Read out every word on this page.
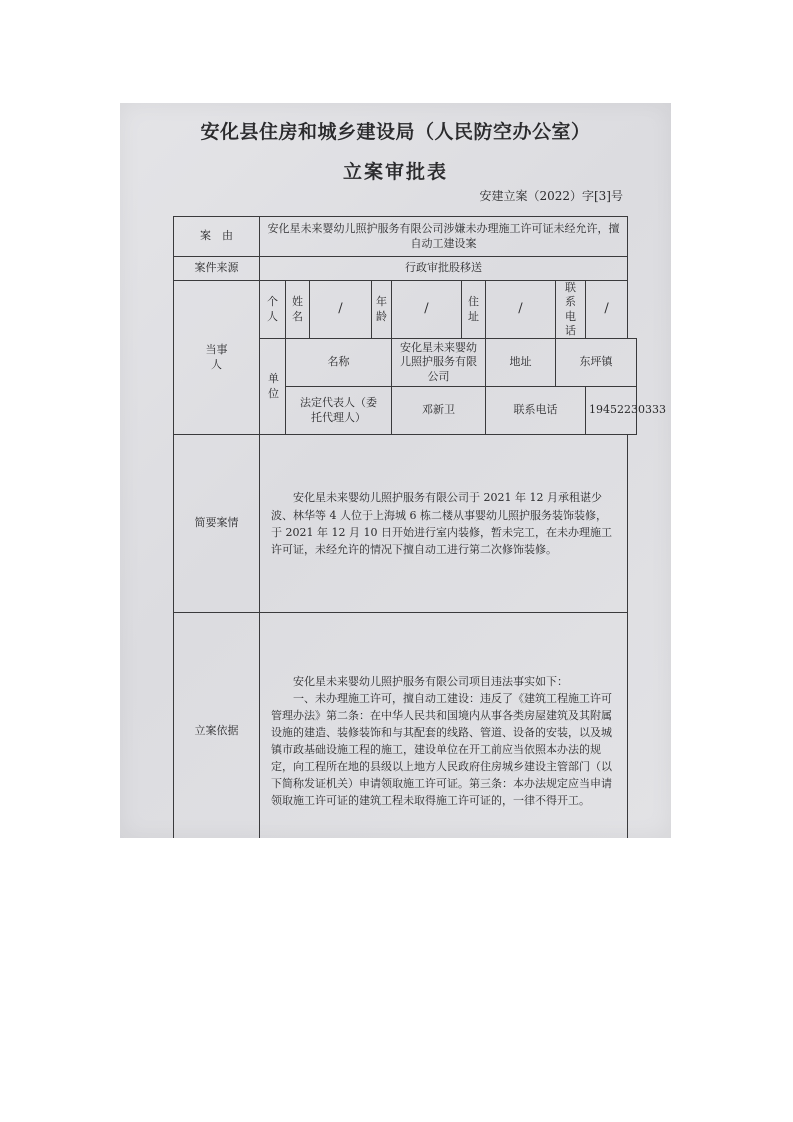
安化县住房和城乡建设局（人民防空办公室）
立案审批表
安建立案（2022）字[3]号
案　由	安化星未来婴幼儿照护服务有限公司涉嫌未办理施工许可证未经允许，擅自动工建设案								
案件来源	行政审批股移送								
当事人	个人	姓名	/	年龄	/	住址	/	联系电话	/
	单位	名称			安化星未来婴幼儿照护服务有限公司		地址	东坪镇	
		法定代表人（委托代理人）			邓新卫		联系电话		19452230333
简要案情	安化星未来婴幼儿照护服务有限公司于 2021 年 12 月承租谌少波、林华等 4 人位于上海城 6 栋二楼从事婴幼儿照护服务装饰装修，于 2021 年 12 月 10 日开始进行室内装修，暂未完工，在未办理施工许可证，未经允许的情况下擅自动工进行第二次修饰装修。								

立案依据	安化星未来婴幼儿照护服务有限公司项目违法事实如下：
一、未办理施工许可，擅自动工建设：违反了《建筑工程施工许可管理办法》第二条：在中华人民共和国境内从事各类房屋建筑及其附属设施的建造、装修装饰和与其配套的线路、管道、设备的安装，以及城镇市政基础设施工程的施工，建设单位在开工前应当依照本办法的规定，向工程所在地的县级以上地方人民政府住房城乡建设主管部门（以下简称发证机关）申请领取施工许可证。第三条：本办法规定应当申请领取施工许可证的建筑工程未取得施工许可证的，一律不得开工。								
